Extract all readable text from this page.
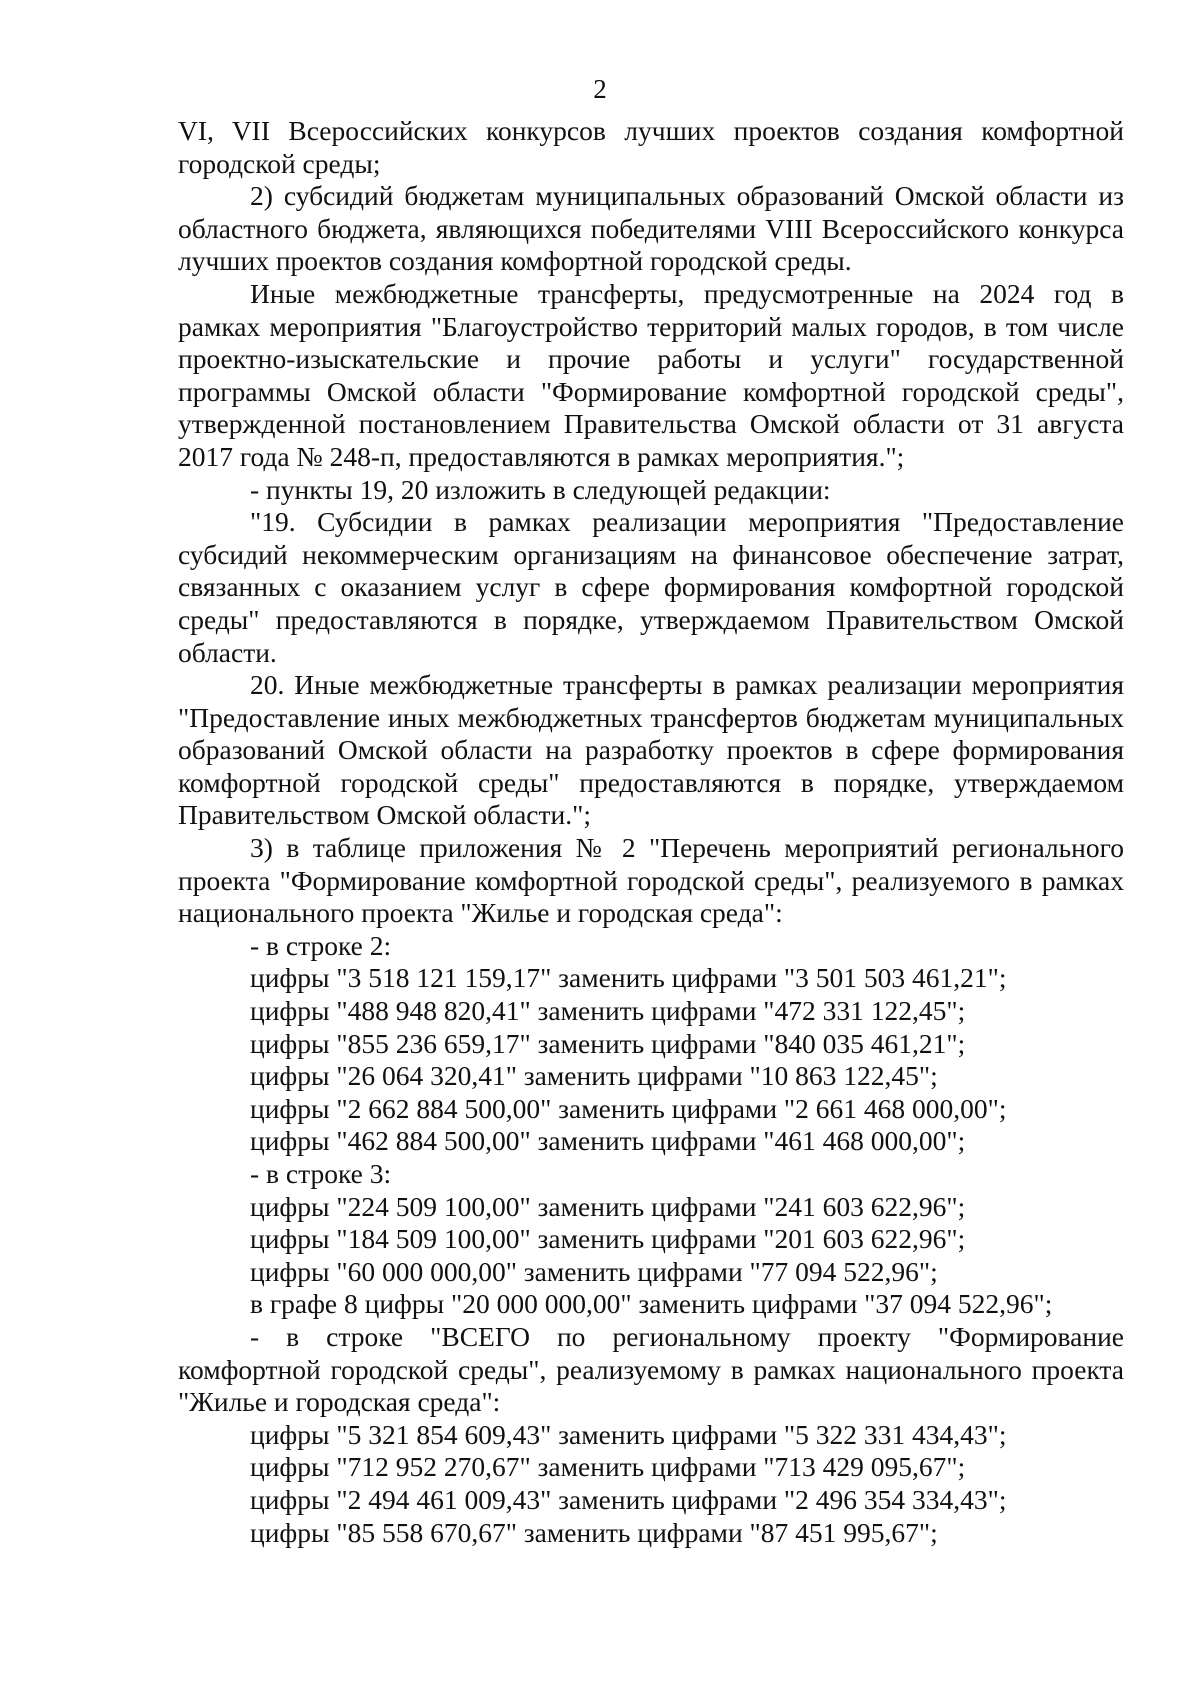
2

VI, VII Всероссийских конкурсов лучших проектов создания комфортной городской среды;

2) субсидий бюджетам муниципальных образований Омской области из областного бюджета, являющихся победителями VIII Всероссийского конкурса лучших проектов создания комфортной городской среды.

Иные межбюджетные трансферты, предусмотренные на 2024 год в рамках мероприятия "Благоустройство территорий малых городов, в том числе проектно-изыскательские и прочие работы и услуги" государственной программы Омской области "Формирование комфортной городской среды", утвержденной постановлением Правительства Омской области от 31 августа 2017 года № 248-п, предоставляются в рамках мероприятия.";

- пункты 19, 20 изложить в следующей редакции:

"19. Субсидии в рамках реализации мероприятия "Предоставление субсидий некоммерческим организациям на финансовое обеспечение затрат, связанных с оказанием услуг в сфере формирования комфортной городской среды" предоставляются в порядке, утверждаемом Правительством Омской области.

20. Иные межбюджетные трансферты в рамках реализации мероприятия "Предоставление иных межбюджетных трансфертов бюджетам муниципальных образований Омской области на разработку проектов в сфере формирования комфортной городской среды" предоставляются в порядке, утверждаемом Правительством Омской области.";

3) в таблице приложения № 2 "Перечень мероприятий регионального проекта "Формирование комфортной городской среды", реализуемого в рамках национального проекта "Жилье и городская среда":

- в строке 2:

цифры "3 518 121 159,17" заменить цифрами "3 501 503 461,21";

цифры "488 948 820,41" заменить цифрами "472 331 122,45";

цифры "855 236 659,17" заменить цифрами "840 035 461,21";

цифры "26 064 320,41" заменить цифрами "10 863 122,45";

цифры "2 662 884 500,00" заменить цифрами "2 661 468 000,00";

цифры "462 884 500,00" заменить цифрами "461 468 000,00";

- в строке 3:

цифры "224 509 100,00" заменить цифрами "241 603 622,96";

цифры "184 509 100,00" заменить цифрами "201 603 622,96";

цифры "60 000 000,00" заменить цифрами "77 094 522,96";

в графе 8 цифры "20 000 000,00" заменить цифрами "37 094 522,96";

- в строке "ВСЕГО по региональному проекту "Формирование комфортной городской среды", реализуемому в рамках национального проекта "Жилье и городская среда":

цифры "5 321 854 609,43" заменить цифрами "5 322 331 434,43";

цифры "712 952 270,67" заменить цифрами "713 429 095,67";

цифры "2 494 461 009,43" заменить цифрами "2 496 354 334,43";

цифры "85 558 670,67" заменить цифрами "87 451 995,67";
